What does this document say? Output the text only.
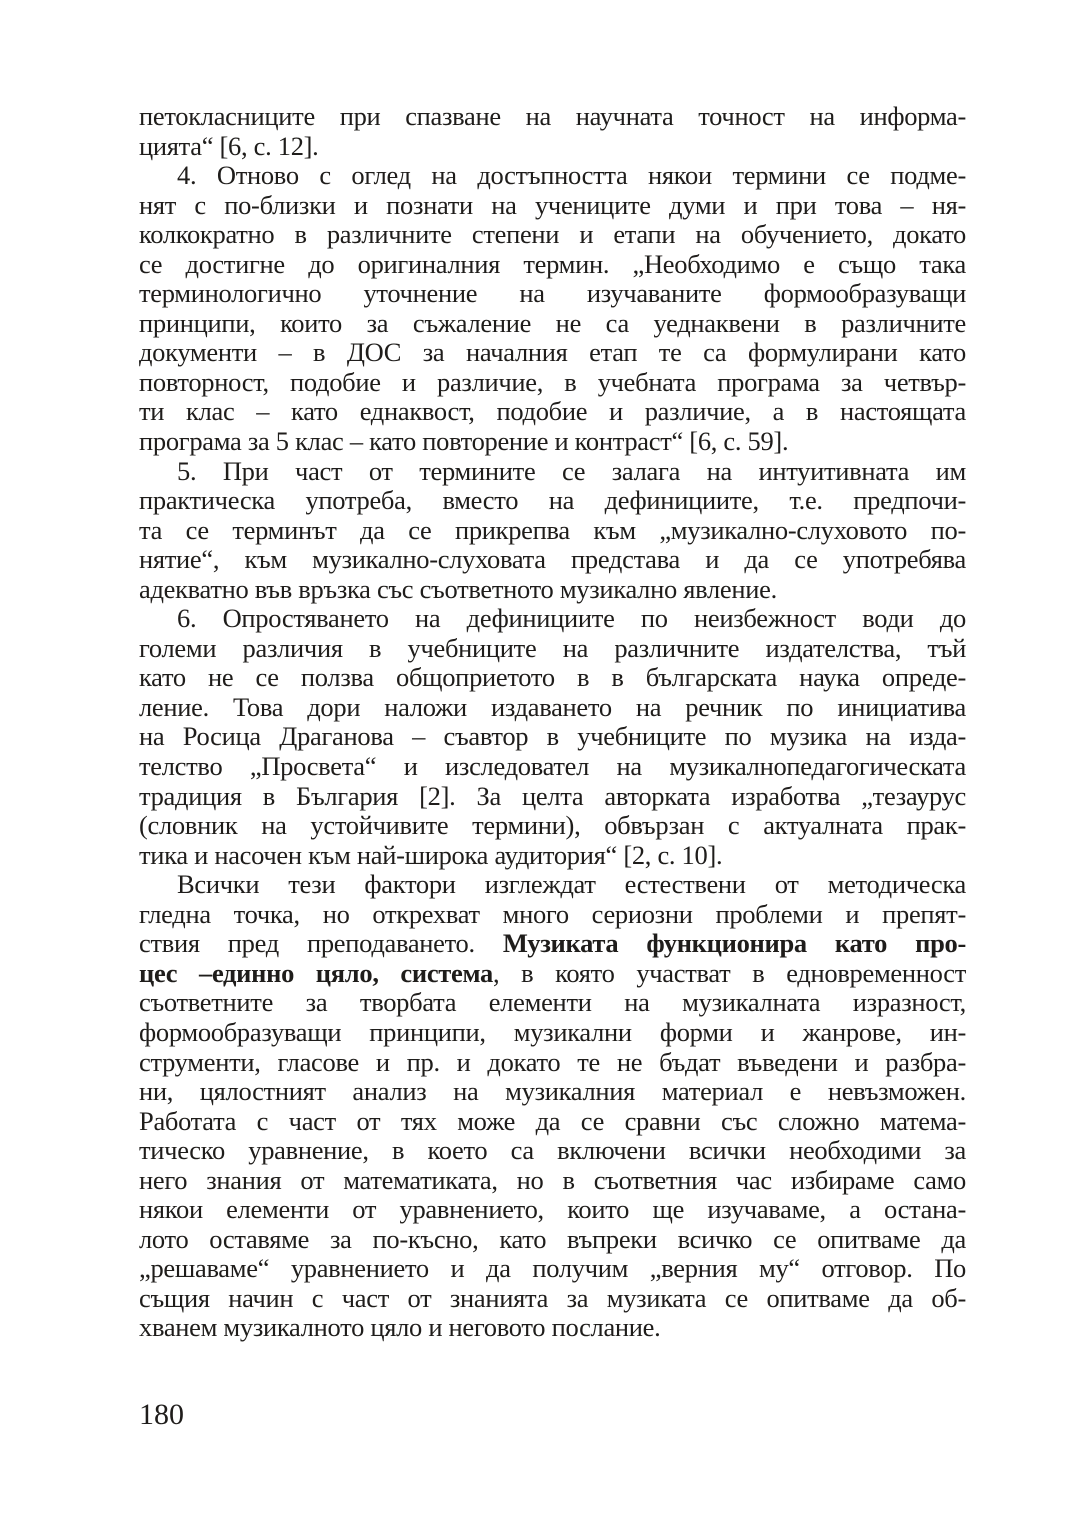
петокласниците при спазване на научната точност на информа-
цията“ [6, с. 12].
4. Отново с оглед на достъпността някои термини се подме-
нят с по-близки и познати на учениците думи и при това – ня-
колкократно в различните степени и етапи на обучението, докато
се достигне до оригиналния термин. „Необходимо е също така
терминологично уточнение на изучаваните формообразуващи
принципи, които за съжаление не са уеднаквени в различните
документи – в ДОС за началния етап те са формулирани като
повторност, подобие и различие, в учебната програма за четвър-
ти клас – като еднаквост, подобие и различие, а в настоящата
програма за 5 клас – като повторение и контраст“ [6, с. 59].
5. При част от термините се залага на интуитивната им
практическа употреба, вместо на дефинициите, т.е. предпочи-
та се терминът да се прикрепва към „музикално-слуховото по-
нятие“, към музикално-слуховата представа и да се употребява
адекватно във връзка със съответното музикално явление.
6. Опростяването на дефинициите по неизбежност води до
големи различия в учебниците на различните издателства, тъй
като не се ползва общоприетото в в българската наука опреде-
ление. Това дори наложи издаването на речник по инициатива
на Росица Драганова – съавтор в учебниците по музика на изда-
телство „Просвета“ и изследовател на музикалнопедагогическата
традиция в България [2]. За целта авторката изработва „тезаурус
(словник на устойчивите термини), обвързан с актуалната прак-
тика и насочен към най-широка аудитория“ [2, с. 10].
Всички тези фактори изглеждат естествени от методическа
гледна точка, но открехват много сериозни проблеми и препят-
ствия пред преподаването. Музиката функционира като про-
цес –единно цяло, система, в която участват в едновременност
съответните за творбата елементи на музикалната изразност,
формообразуващи принципи, музикални форми и жанрове, ин-
струменти, гласове и пр. и докато те не бъдат въведени и разбра-
ни, цялостният анализ на музикалния материал е невъзможен.
Работата с част от тях може да се сравни със сложно матема-
тическо уравнение, в което са включени всички необходими за
него знания от математиката, но в съответния час избираме само
някои елементи от уравнението, които ще изучаваме, а остана-
лото оставяме за по-късно, като въпреки всичко се опитваме да
„решаваме“ уравнението и да получим „верния му“ отговор. По
същия начин с част от знанията за музиката се опитваме да об-
хванем музикалното цяло и неговото послание.
180
